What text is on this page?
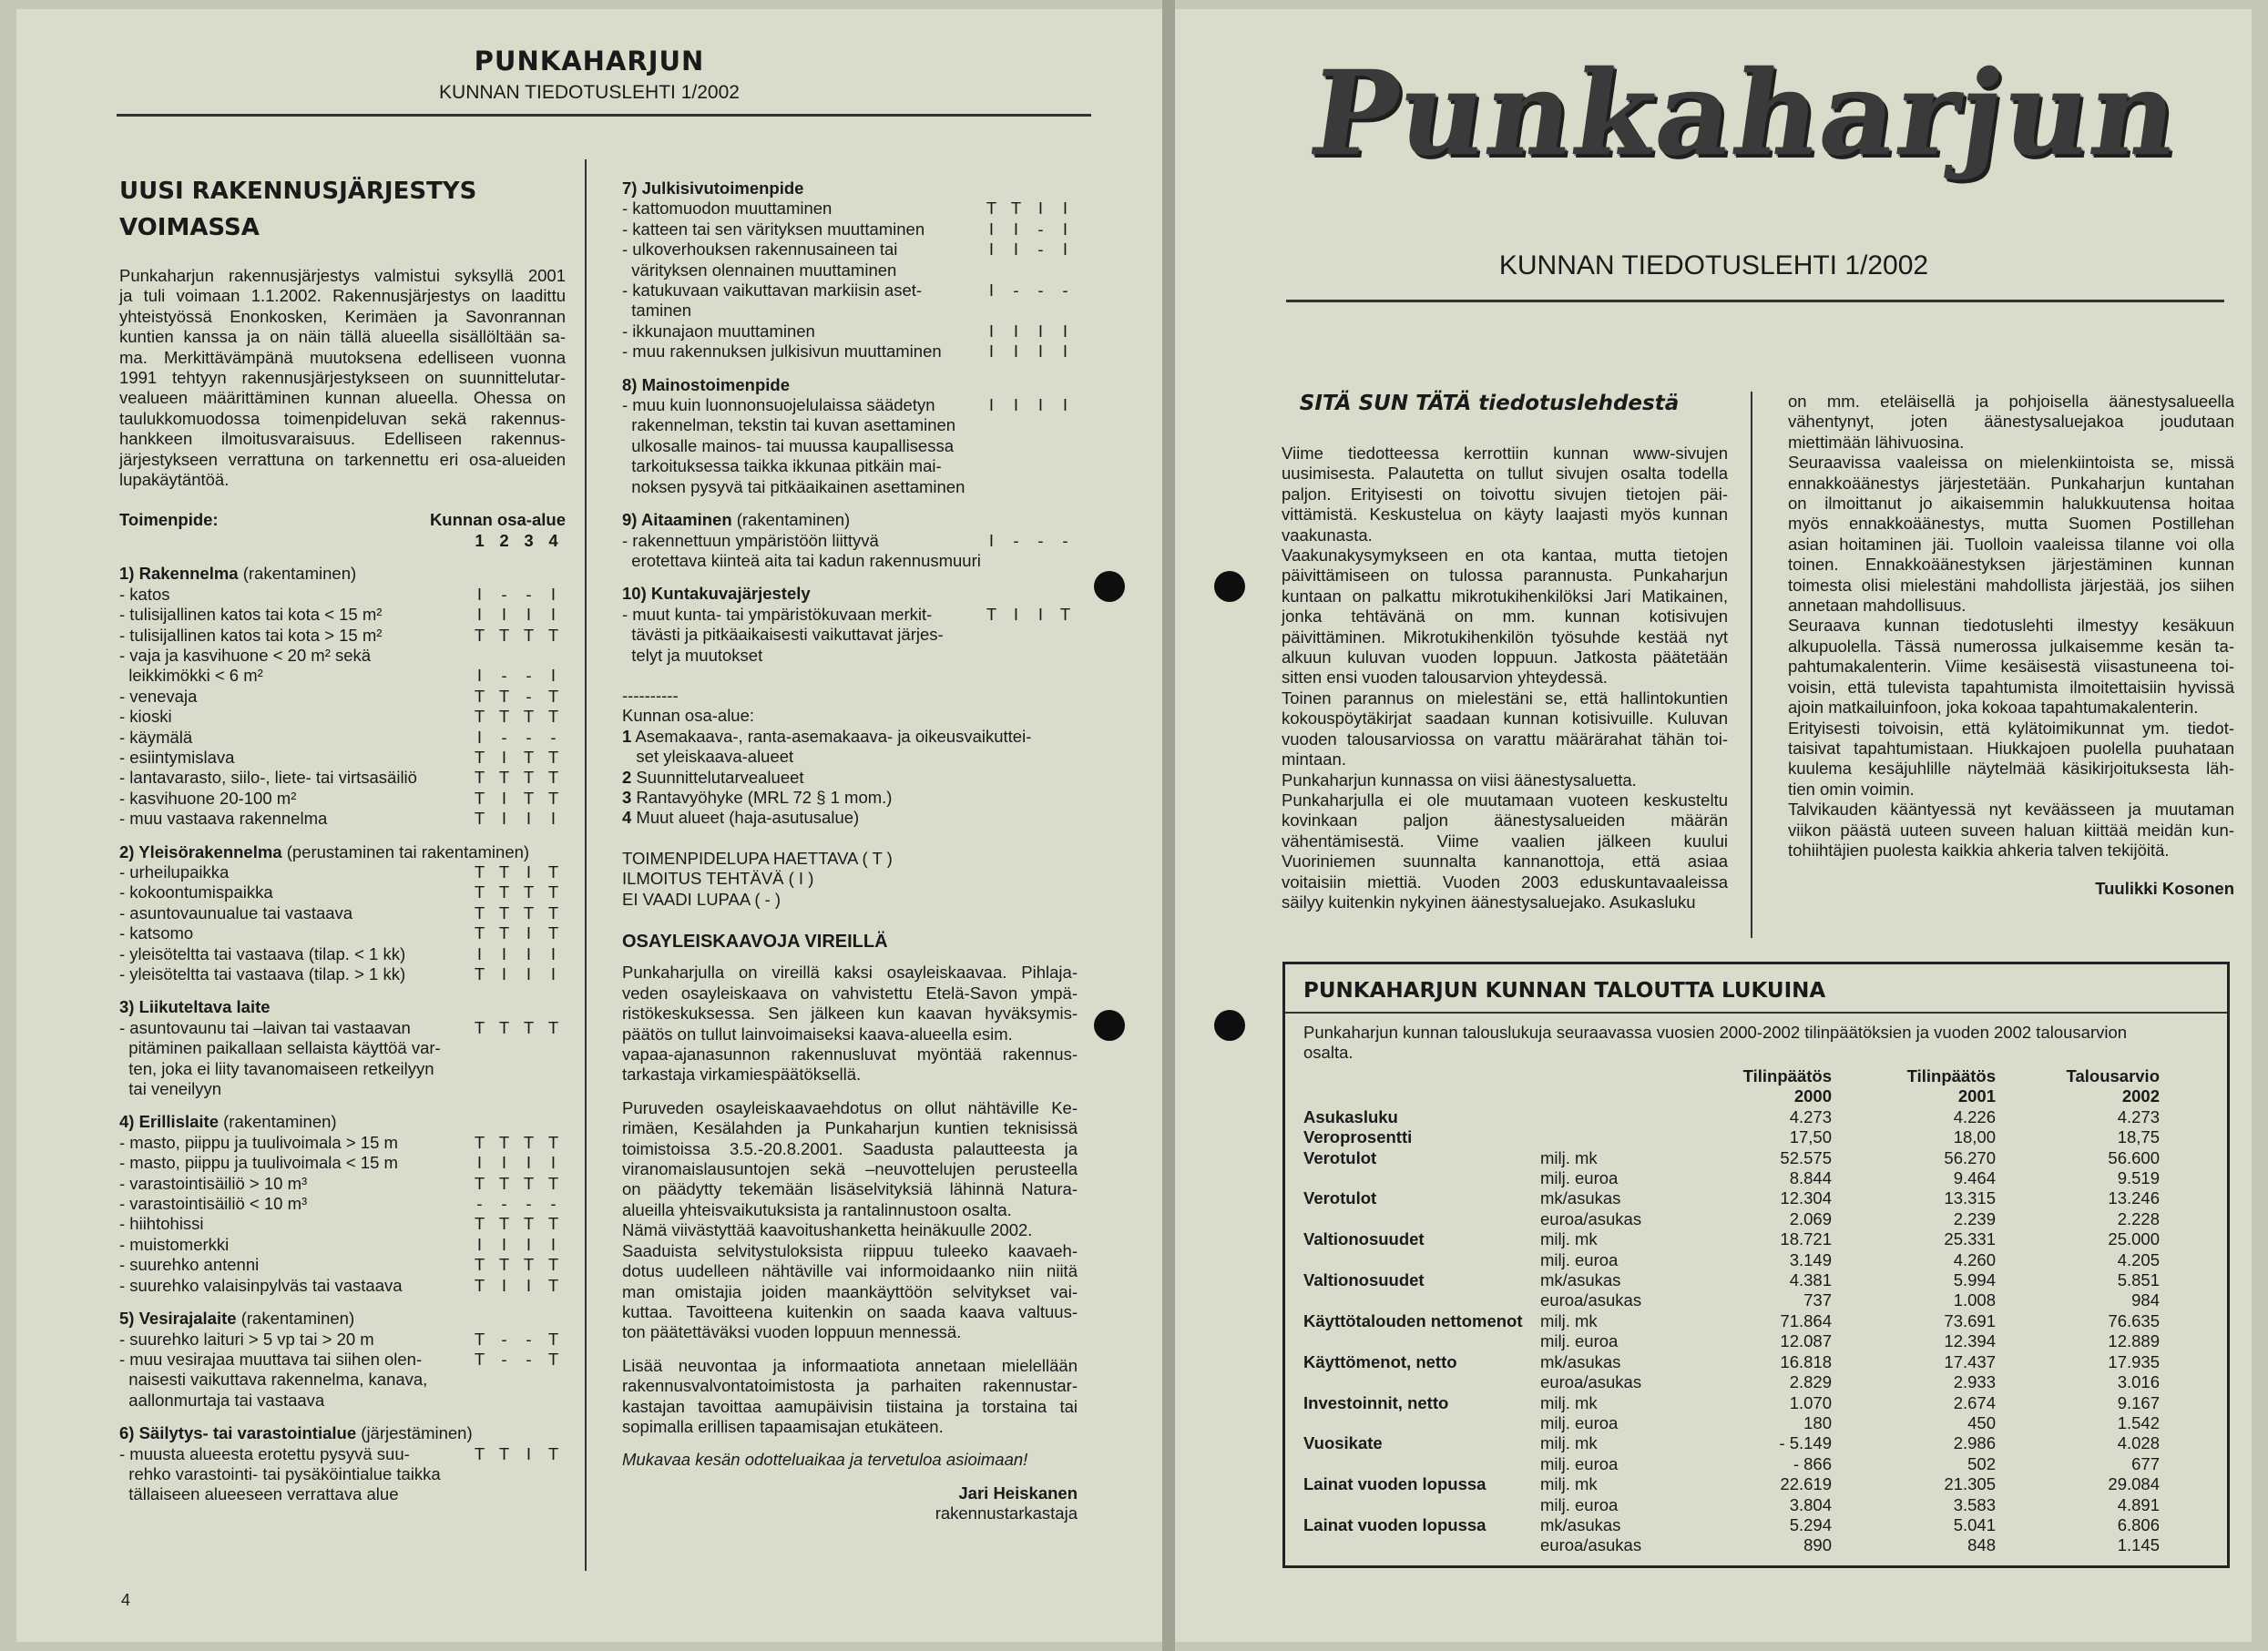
PUNKAHARJUN
KUNNAN TIEDOTUSLEHTI 1/2002
4
UUSI RAKENNUSJÄRJESTYS
VOIMASSA
Punkaharjun rakennusjärjestys valmistui syksyllä 2001
ja tuli voimaan 1.1.2002. Rakennusjärjestys on laadittu
yhteistyössä Enonkosken, Kerimäen ja Savonrannan
kuntien kanssa ja on näin tällä alueella sisällöltään sa-
ma. Merkittävämpänä muutoksena edelliseen vuonna
1991 tehtyyn rakennusjärjestykseen on suunnittelutar-
vealueen määrittäminen kunnan alueella. Ohessa on
taulukkomuodossa toimenpideluvan sekä rakennus-
hankkeen ilmoitusvaraisuus. Edelliseen rakennus-
järjestykseen verrattuna on tarkennettu eri osa-alueiden
lupakäytäntöä.
Toimenpide:	Kunnan osa-alue
1 2 3 4
1) Rakennelma (rakentaminen)
- katos	I	-	-	I
- tulisijallinen katos tai kota < 15 m²	I	I	I	I
- tulisijallinen katos tai kota > 15 m²	T T T T
- vaja ja kasvihuone < 20 m² sekä
leikkimökki < 6 m²	I	-	-	I
- venevaja	T T - T
- kioski	T T T T
- käymälä	I	-	-	-
- esiintymislava	T	I	T T
- lantavarasto, siilo-, liete- tai virtsasäiliö	T T T T
- kasvihuone 20-100 m²	T	I	T T
- muu vastaava rakennelma	T	I	I	I
2) Yleisörakennelma (perustaminen tai rakentaminen)
- urheilupaikka	T T	I	T
- kokoontumispaikka	T T T T
- asuntovaunualue tai vastaava	T T T T
- katsomo	T T	I	T
- yleisöteltta tai vastaava (tilap. < 1 kk)	I	I	I	I
- yleisöteltta tai vastaava (tilap. > 1 kk)	T	I	I	I
3) Liikuteltava laite
- asuntovaunu tai –laivan tai vastaavan	T T T T
pitäminen paikallaan sellaista käyttöä var-
ten, joka ei liity tavanomaiseen retkeilyyn
tai veneilyyn
4) Erillislaite (rakentaminen)
- masto, piippu ja tuulivoimala > 15 m	T T T T
- masto, piippu ja tuulivoimala < 15 m	I	I	I	I
- varastointisäiliö > 10 m³	T T T T
- varastointisäiliö < 10 m³	-	-	-	-
- hiihtohissi	T T T T
- muistomerkki	I	I	I	I
- suurehko antenni	T T T T
- suurehko valaisinpylväs tai vastaava	T	I	I	T
5) Vesirajalaite (rakentaminen)
- suurehko laituri > 5 vp tai > 20 m	T -	- T
- muu vesirajaa muuttava tai siihen olen-	T -	- T
naisesti vaikuttava rakennelma, kanava,
aallonmurtaja tai vastaava
6) Säilytys- tai varastointialue (järjestäminen)
- muusta alueesta erotettu pysyvä suu-	T T	I	T
rehko varastointi- tai pysäköintialue taikka
tällaiseen alueeseen verrattava alue
7) Julkisivutoimenpide
- kattomuodon muuttaminen	T T	I	I
- katteen tai sen värityksen muuttaminen	I	I	-	I
- ulkoverhouksen rakennusaineen tai	I	I	-	I
värityksen olennainen muuttaminen
- katukuvaan vaikuttavan markiisin aset-	I	-	-	-
taminen
- ikkunajaon muuttaminen	I	I	I	I
- muu rakennuksen julkisivun muuttaminen	I	I	I	I
8) Mainostoimenpide
- muu kuin luonnonsuojelulaissa säädetyn	I	I	I	I
rakennelman, tekstin tai kuvan asettaminen
ulkosalle mainos- tai muussa kaupallisessa
tarkoituksessa taikka ikkunaa pitkäin mai-
noksen pysyvä tai pitkäaikainen asettaminen
9) Aitaaminen (rakentaminen)
- rakennettuun ympäristöön liittyvä	I	-	-	-
erotettava kiinteä aita tai kadun rakennusmuuri
10) Kuntakuvajärjestely
- muut kunta- tai ympäristökuvaan merkit-	T	I	I	T
tävästi ja pitkäaikaisesti vaikuttavat järjes-
telyt ja muutokset
----------
Kunnan osa-alue:
1 Asemakaava-, ranta-asemakaava- ja oikeusvaikuttei-
set yleiskaava-alueet
2 Suunnittelutarvealueet
3 Rantavyöhyke (MRL 72 § 1 mom.)
4 Muut alueet (haja-asutusalue)
TOIMENPIDELUPA HAETTAVA ( T )
ILMOITUS TEHTÄVÄ ( I )
EI VAADI LUPAA ( - )
OSAYLEISKAAVOJA VIREILLÄ
Punkaharjulla on vireillä kaksi osayleiskaavaa. Pihlaja-
veden osayleiskaava on vahvistettu Etelä-Savon ympä-
ristökeskuksessa. Sen jälkeen kun kaavan hyväksymis-
päätös on tullut lainvoimaiseksi kaava-alueella esim.
vapaa-ajanasunnon rakennusluvat myöntää rakennus-
tarkastaja virkamiespäätöksellä.
Puruveden osayleiskaavaehdotus on ollut nähtäville Ke-
rimäen, Kesälahden ja Punkaharjun kuntien teknisissä
toimistoissa 3.5.-20.8.2001. Saadusta palautteesta ja
viranomaislausuntojen sekä –neuvottelujen perusteella
on päädytty tekemään lisäselvityksiä lähinnä Natura-
alueilla yhteisvaikutuksista ja rantalinnustoon osalta.
Nämä viivästyttää kaavoitushanketta heinäkuulle 2002.
Saaduista selvitystuloksista riippuu tuleeko kaavaeh-
dotus uudelleen nähtäville vai informoidaanko niin niitä
man omistajia joiden maankäyttöön selvitykset vai-
kuttaa. Tavoitteena kuitenkin on saada kaava valtuus-
ton päätettäväksi vuoden loppuun mennessä.
Lisää neuvontaa ja informaatiota annetaan mielellään
rakennusvalvontatoimistosta ja parhaiten rakennustar-
kastajan tavoittaa aamupäivisin tiistaina ja torstaina tai
sopimalla erillisen tapaamisajan etukäteen.
Mukavaa kesän odotteluaikaa ja tervetuloa asioimaan!
Jari Heiskanen
rakennustarkastaja
Punkaharjun
KUNNAN TIEDOTUSLEHTI 1/2002
SITÄ SUN TÄTÄ tiedotuslehdestä
Viime tiedotteessa kerrottiin kunnan www-sivujen
uusimisesta. Palautetta on tullut sivujen osalta todella
paljon. Erityisesti on toivottu sivujen tietojen päi-
vittämistä. Keskustelua on käyty laajasti myös kunnan
vaakunasta.
Vaakunakysymykseen en ota kantaa, mutta tietojen
päivittämiseen on tulossa parannusta. Punkaharjun
kuntaan on palkattu mikrotukihenkilöksi Jari Matikainen,
jonka tehtävänä on mm. kunnan kotisivujen
päivittäminen. Mikrotukihenkilön työsuhde kestää nyt
alkuun kuluvan vuoden loppuun. Jatkosta päätetään
sitten ensi vuoden talousarvion yhteydessä.
Toinen parannus on mielestäni se, että hallintokuntien
kokouspöytäkirjat saadaan kunnan kotisivuille. Kuluvan
vuoden talousarviossa on varattu määrärahat tähän toi-
mintaan.
Punkaharjun kunnassa on viisi äänestysaluetta.
Punkaharjulla ei ole muutamaan vuoteen keskusteltu
kovinkaan paljon äänestysalueiden määrän
vähentämisestä. Viime vaalien jälkeen kuului
Vuoriniemen suunnalta kannanottoja, että asiaa
voitaisiin miettiä. Vuoden 2003 eduskuntavaaleissa
säilyy kuitenkin nykyinen äänestysaluejako. Asukasluku
on mm. eteläisellä ja pohjoisella äänestysalueella
vähentynyt, joten äänestysaluejakoa joudutaan
miettimään lähivuosina.
Seuraavissa vaaleissa on mielenkiintoista se, missä
ennakkoäänestys järjestetään. Punkaharjun kuntahan
on ilmoittanut jo aikaisemmin halukkuutensa hoitaa
myös ennakkoäänestys, mutta Suomen Postillehan
asian hoitaminen jäi. Tuolloin vaaleissa tilanne voi olla
toinen. Ennakkoäänestyksen järjestäminen kunnan
toimesta olisi mielestäni mahdollista järjestää, jos siihen
annetaan mahdollisuus.
Seuraava kunnan tiedotuslehti ilmestyy kesäkuun
alkupuolella. Tässä numerossa julkaisemme kesän ta-
pahtumakalenterin. Viime kesäisestä viisastuneena toi-
voisin, että tulevista tapahtumista ilmoitettaisiin hyvissä
ajoin matkailuinfoon, joka kokoaa tapahtumakalenterin.
Erityisesti toivoisin, että kylätoimikunnat ym. tiedot-
taisivat tapahtumistaan. Hiukkajoen puolella puuhataan
kuulema kesäjuhlille näytelmää käsikirjoituksesta läh-
tien omin voimin.
Talvikauden kääntyessä nyt keväässeen ja muutaman
viikon päästä uuteen suveen haluan kiittää meidän kun-
tohiihtäjien puolesta kaikkia ahkeria talven tekijöitä.
Tuulikki Kosonen
PUNKAHARJUN KUNNAN TALOUTTA LUKUINA
Punkaharjun kunnan talouslukuja seuraavassa vuosien 2000-2002 tilinpäätöksien ja vuoden 2002 talousarvion
osalta.
		Tilinpäätös	Tilinpäätös	Talousarvio
		2000	2001	2002
Asukasluku		4.273	4.226	4.273
Veroprosentti		17,50	18,00	18,75
Verotulot	milj. mk	52.575	56.270	56.600
	milj. euroa	8.844	9.464	9.519
Verotulot	mk/asukas	12.304	13.315	13.246
	euroa/asukas	2.069	2.239	2.228
Valtionosuudet	milj. mk	18.721	25.331	25.000
	milj. euroa	3.149	4.260	4.205
Valtionosuudet	mk/asukas	4.381	5.994	5.851
	euroa/asukas	737	1.008	984
Käyttötalouden nettomenot	milj. mk	71.864	73.691	76.635
	milj. euroa	12.087	12.394	12.889
Käyttömenot, netto	mk/asukas	16.818	17.437	17.935
	euroa/asukas	2.829	2.933	3.016
Investoinnit, netto	milj. mk	1.070	2.674	9.167
	milj. euroa	180	450	1.542
Vuosikate	milj. mk	- 5.149	2.986	4.028
	milj. euroa	- 866	502	677
Lainat vuoden lopussa	milj. mk	22.619	21.305	29.084
	milj. euroa	3.804	3.583	4.891
Lainat vuoden lopussa	mk/asukas	5.294	5.041	6.806
	euroa/asukas	890	848	1.145
